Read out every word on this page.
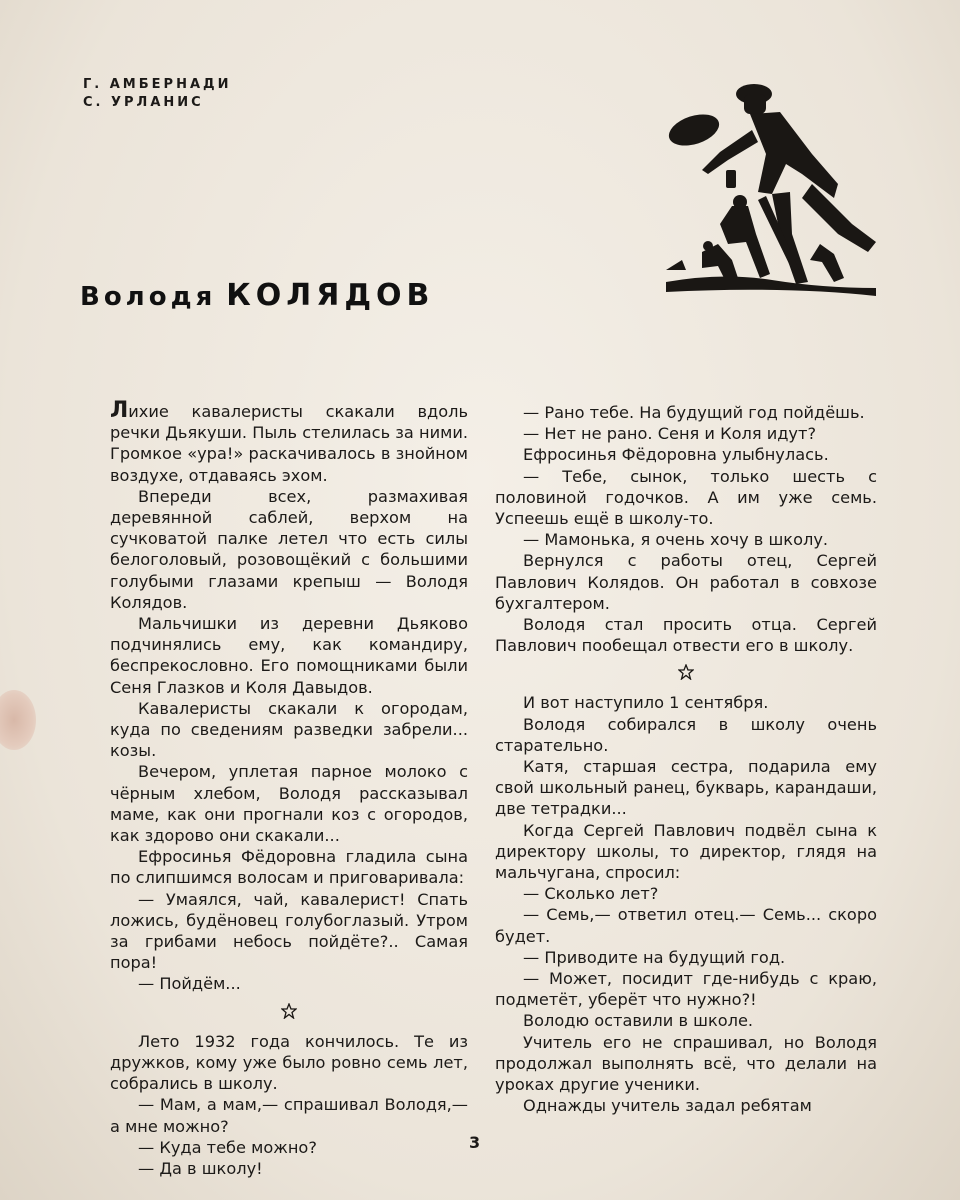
Г. АМБЕРНАДИ
С. УРЛАНИС
Володя КОЛЯДОВ

Лихие кавалеристы скакали вдоль речки Дьякуши. Пыль стелилась за ними. Громкое «ура!» раскачивалось в знойном воздухе, отдаваясь эхом.

Впереди всех, размахивая деревянной саблей, верхом на сучковатой палке летел что есть силы белоголовый, розовощёкий с большими голубыми глазами крепыш — Володя Колядов.

Мальчишки из деревни Дьяково подчинялись ему, как командиру, беспрекословно. Его помощниками были Сеня Глазков и Коля Давыдов.

Кавалеристы скакали к огородам, куда по сведениям разведки забрели... козы.

Вечером, уплетая парное молоко с чёрным хлебом, Володя рассказывал маме, как они прогнали коз с огородов, как здорово они скакали...

Ефросинья Фёдоровна гладила сына по слипшимся волосам и приговаривала:

— Умаялся, чай, кавалерист! Спать ложись, будёновец голубоглазый. Утром за грибами небось пойдёте?.. Самая пора!

— Пойдём...

Лето 1932 года кончилось. Те из дружков, кому уже было ровно семь лет, собрались в школу.

— Мам, а мам,— спрашивал Володя,— а мне можно?

— Куда тебе можно?

— Да в школу!

— Рано тебе. На будущий год пойдёшь.

— Нет не рано. Сеня и Коля идут?

Ефросинья Фёдоровна улыбнулась.

— Тебе, сынок, только шесть с половиной годочков. А им уже семь. Успеешь ещё в школу-то.

— Мамонька, я очень хочу в школу.

Вернулся с работы отец, Сергей Павлович Колядов. Он работал в совхозе бухгалтером.

Володя стал просить отца. Сергей Павлович пообещал отвести его в школу.

И вот наступило 1 сентября.

Володя собирался в школу очень старательно.

Катя, старшая сестра, подарила ему свой школьный ранец, букварь, карандаши, две тетрадки...

Когда Сергей Павлович подвёл сына к директору школы, то директор, глядя на мальчугана, спросил:

— Сколько лет?

— Семь,— ответил отец.— Семь... скоро будет.

— Приводите на будущий год.

— Может, посидит где-нибудь с краю, подметёт, уберёт что нужно?!

Володю оставили в школе.

Учитель его не спрашивал, но Володя продолжал выполнять всё, что делали на уроках другие ученики.

Однажды учитель задал ребятам

3
